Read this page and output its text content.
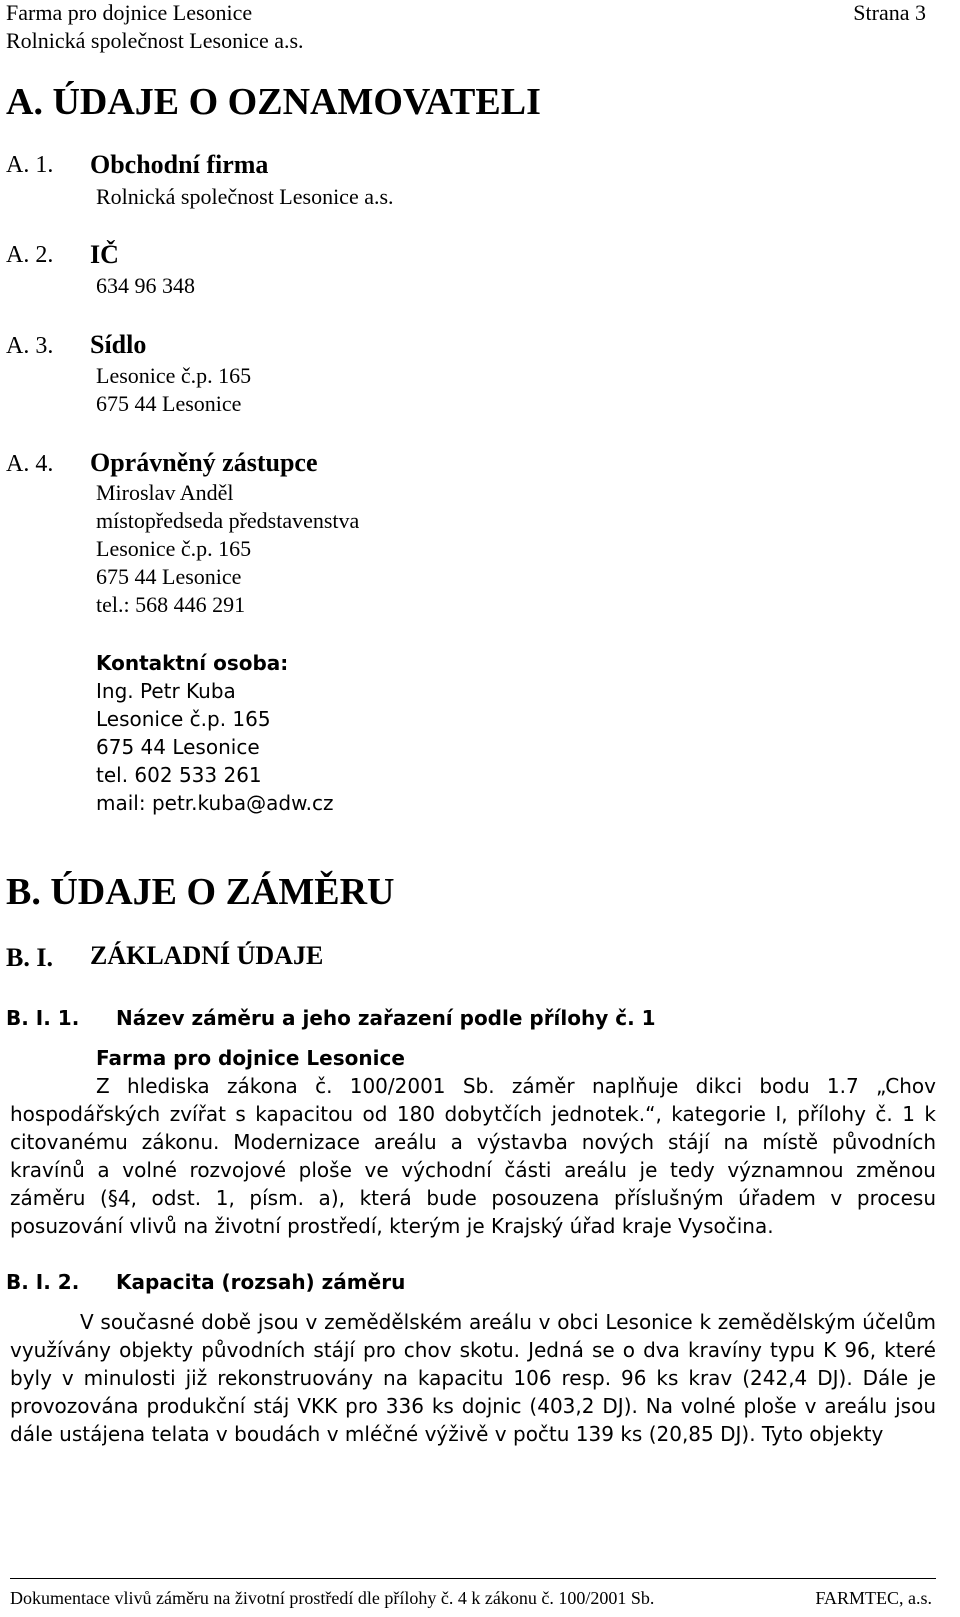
Farma pro dojnice Lesonice	Strana 3
Rolnická společnost Lesonice a.s.
A. ÚDAJE O OZNAMOVATELI
A. 1. Obchodní firma
Rolnická společnost Lesonice a.s.
A. 2. IČ
634 96 348
A. 3. Sídlo
Lesonice č.p. 165
675 44 Lesonice
A. 4. Oprávněný zástupce
Miroslav Anděl
místopředseda představenstva
Lesonice č.p. 165
675 44 Lesonice
tel.: 568 446 291
Kontaktní osoba:
Ing. Petr Kuba
Lesonice č.p. 165
675 44 Lesonice
tel. 602 533 261
mail: petr.kuba@adw.cz
B. ÚDAJE O ZÁMĚRU
B. I. ZÁKLADNÍ ÚDAJE
B. I. 1. Název záměru a jeho zařazení podle přílohy č. 1
Farma pro dojnice Lesonice
Z hlediska zákona č. 100/2001 Sb. záměr naplňuje dikci bodu 1.7 „Chov hospodářských zvířat s kapacitou od 180 dobytčích jednotek.“, kategorie I, přílohy č. 1 k citovanému zákonu. Modernizace areálu a výstavba nových stájí na místě původních kravínů a volné rozvojové ploše ve východní části areálu je tedy významnou změnou záměru (§4, odst. 1, písm. a), která bude posouzena příslušným úřadem v procesu posuzování vlivů na životní prostředí, kterým je Krajský úřad kraje Vysočina.
B. I. 2. Kapacita (rozsah) záměru
V současné době jsou v zemědělském areálu v obci Lesonice k zemědělským účelům využívány objekty původních stájí pro chov skotu. Jedná se o dva kravíny typu K 96, které byly v minulosti již rekonstruovány na kapacitu 106 resp. 96 ks krav (242,4 DJ). Dále je provozována produkční stáj VKK pro 336 ks dojnic (403,2 DJ). Na volné ploše v areálu jsou dále ustájena telata v boudách v mléčné výživě v počtu 139 ks (20,85 DJ). Tyto objekty
Dokumentace vlivů záměru na životní prostředí dle přílohy č. 4 k zákonu č. 100/2001 Sb.	FARMTEC, a.s.
